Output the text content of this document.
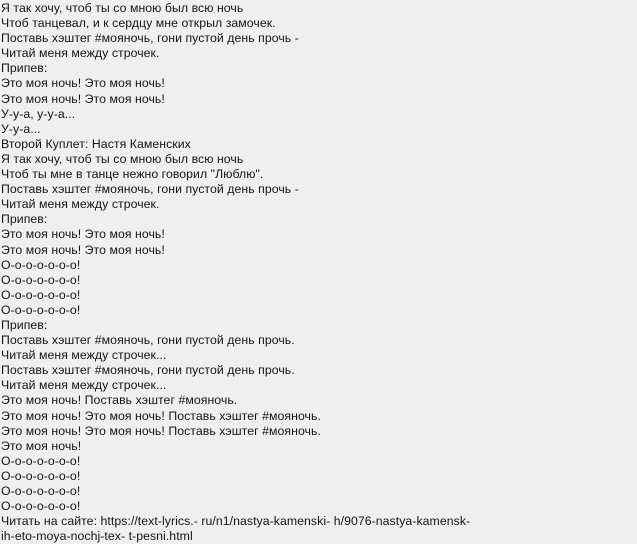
Я так хочу, чтоб ты со мною был всю ночь
Чтоб танцевал, и к сердцу мне открыл замочек.
Поставь хэштег #мояночь, гони пустой день прочь -
Читай меня между строчек.
Припев:
Это моя ночь! Это моя ночь!
Это моя ночь! Это моя ночь!
У-у-а, у-у-а...
У-у-а...
Второй Куплет: Настя Каменских
Я так хочу, чтоб ты со мною был всю ночь
Чтоб ты мне в танце нежно говорил "Люблю".
Поставь хэштег #мояночь, гони пустой день прочь -
Читай меня между строчек.
Припев:
Это моя ночь! Это моя ночь!
Это моя ночь! Это моя ночь!
О-о-о-о-о-о-о!
О-о-о-о-о-о-о!
О-о-о-о-о-о-о!
О-о-о-о-о-о-о!
Припев:
Поставь хэштег #мояночь, гони пустой день прочь.
Читай меня между строчек...
Поставь хэштег #мояночь, гони пустой день прочь.
Читай меня между строчек...
Это моя ночь! Поставь хэштег #мояночь.
Это моя ночь! Это моя ночь! Поставь хэштег #мояночь.
Это моя ночь! Это моя ночь! Поставь хэштег #мояночь.
Это моя ночь!
О-о-о-о-о-о-о!
О-о-о-о-о-о-о!
О-о-о-о-о-о-о!
О-о-о-о-о-о-о!
Читать на сайте: https://text-lyrics.- ru/n1/nastya-kamenski- h/9076-nastya-kamensk-
ih-eto-moya-nochj-tex- t-pesni.html
